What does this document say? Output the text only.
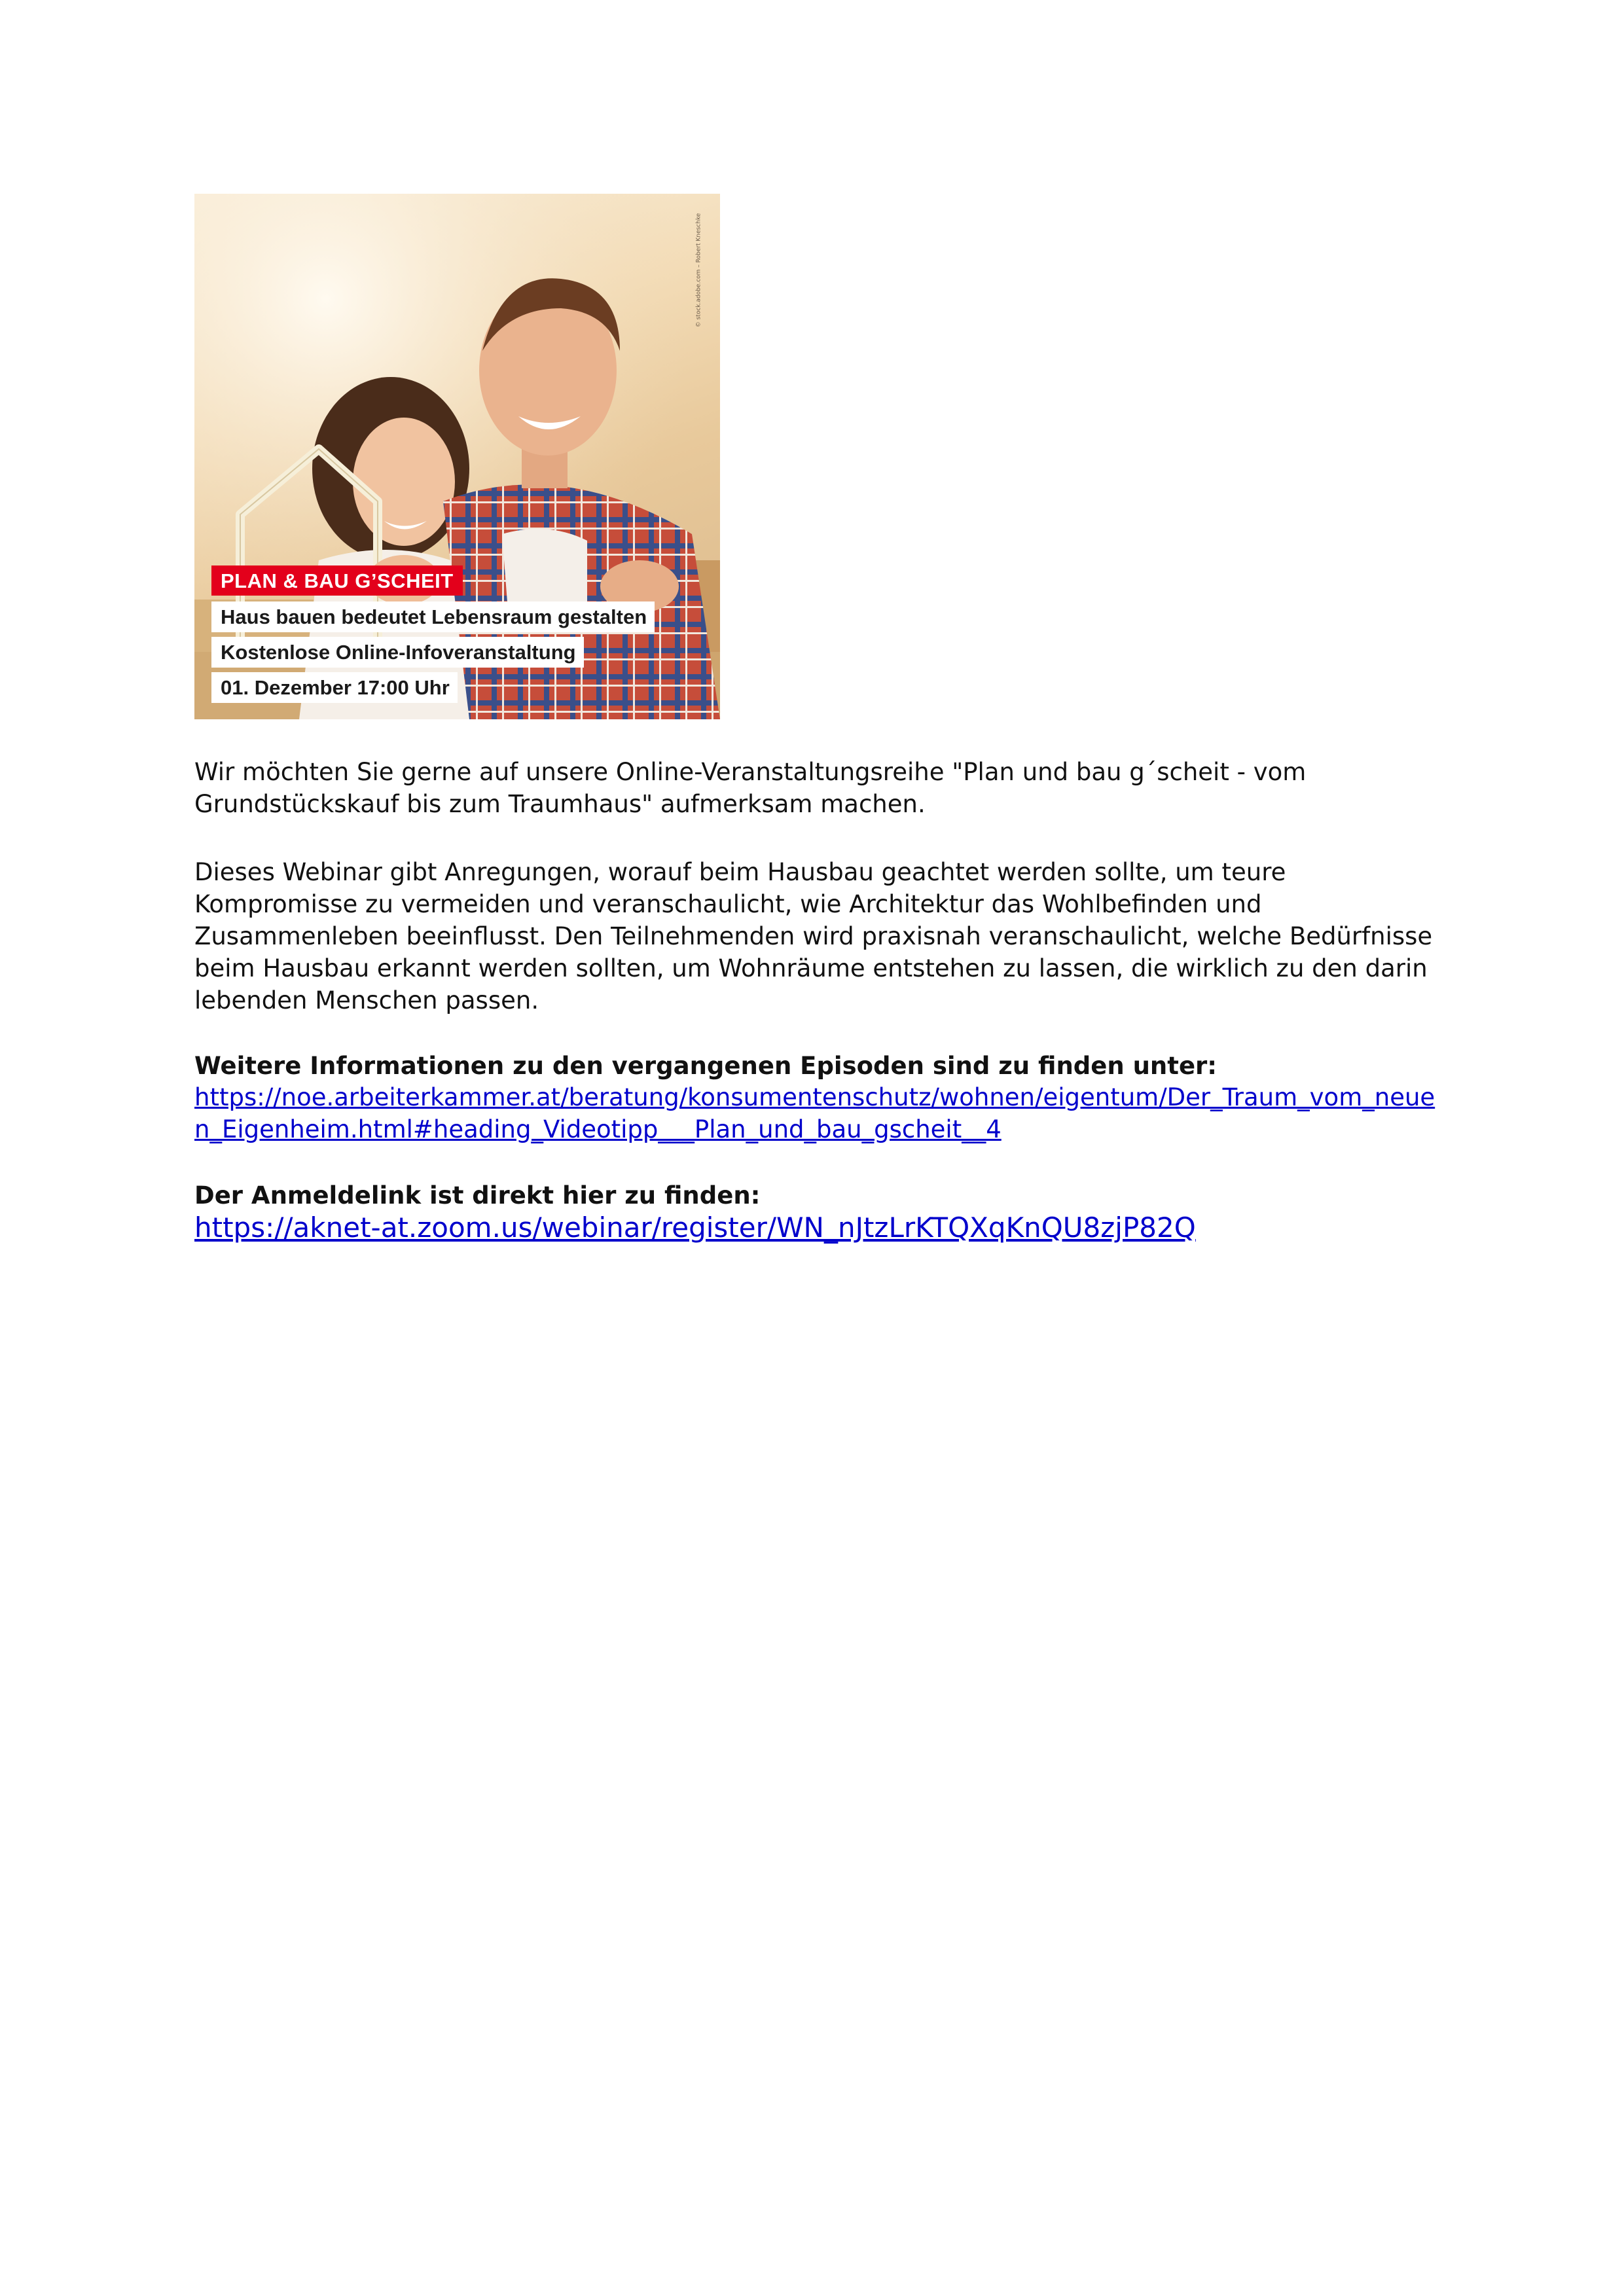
© stock.adobe.com – Robert Kneschke
PLAN & BAU G’SCHEIT
Haus bauen bedeutet Lebensraum gestalten
Kostenlose Online-Infoveranstaltung
01. Dezember 17:00 Uhr
Wir möchten Sie gerne auf unsere Online-Veranstaltungsreihe "Plan und bau g´scheit - vom Grundstückskauf bis zum Traumhaus" aufmerksam machen.
Dieses Webinar gibt Anregungen, worauf beim Hausbau geachtet werden sollte, um teure Kompromisse zu vermeiden und veranschaulicht, wie Architektur das Wohlbefinden und Zusammenleben beeinflusst. Den Teilnehmenden wird praxisnah veranschaulicht, welche Bedürfnisse beim Hausbau erkannt werden sollten, um Wohnräume entstehen zu lassen, die wirklich zu den darin lebenden Menschen passen.
Weitere Informationen zu den vergangenen Episoden sind zu finden unter:
https://noe.arbeiterkammer.at/beratung/konsumentenschutz/wohnen/eigentum/Der_Traum_vom_neuen_Eigenheim.html#heading_Videotipp___Plan_und_bau_gscheit__4
Der Anmeldelink ist direkt hier zu finden:
https://aknet-at.zoom.us/webinar/register/WN_nJtzLrKTQXqKnQU8zjP82Q
